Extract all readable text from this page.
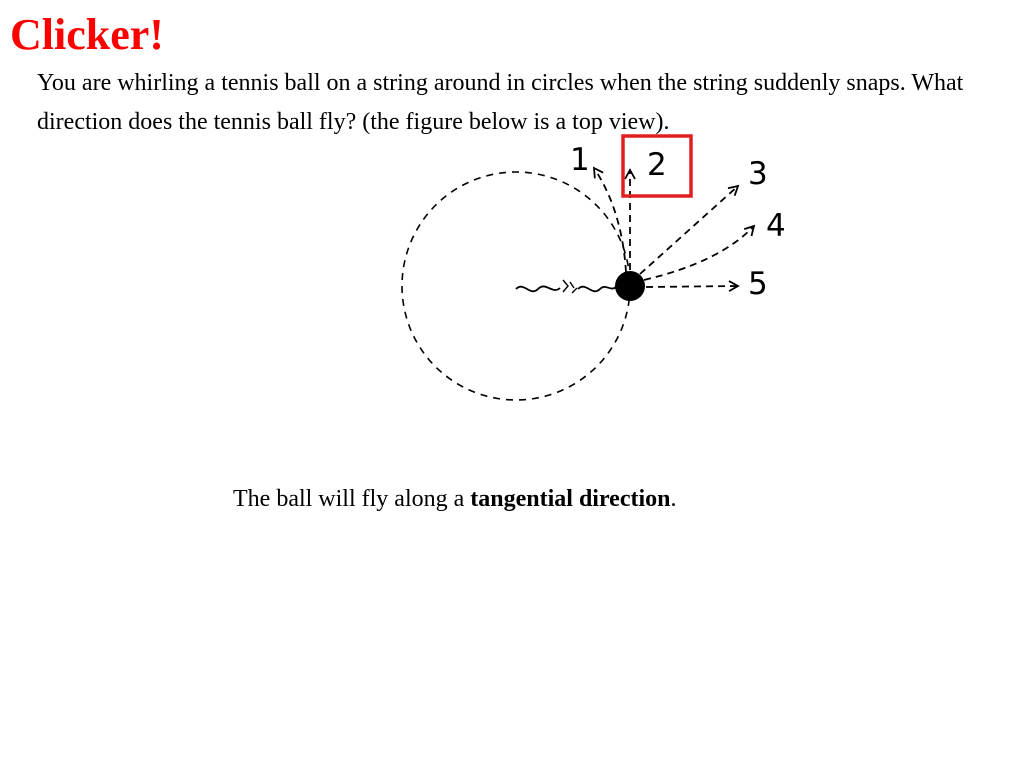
Clicker!

You are whirling a tennis ball on a string around in circles when the string suddenly snaps. What direction does the tennis ball fly? (the figure below is a top view).

1 2	3
4
5

The ball will fly along a tangential direction.
